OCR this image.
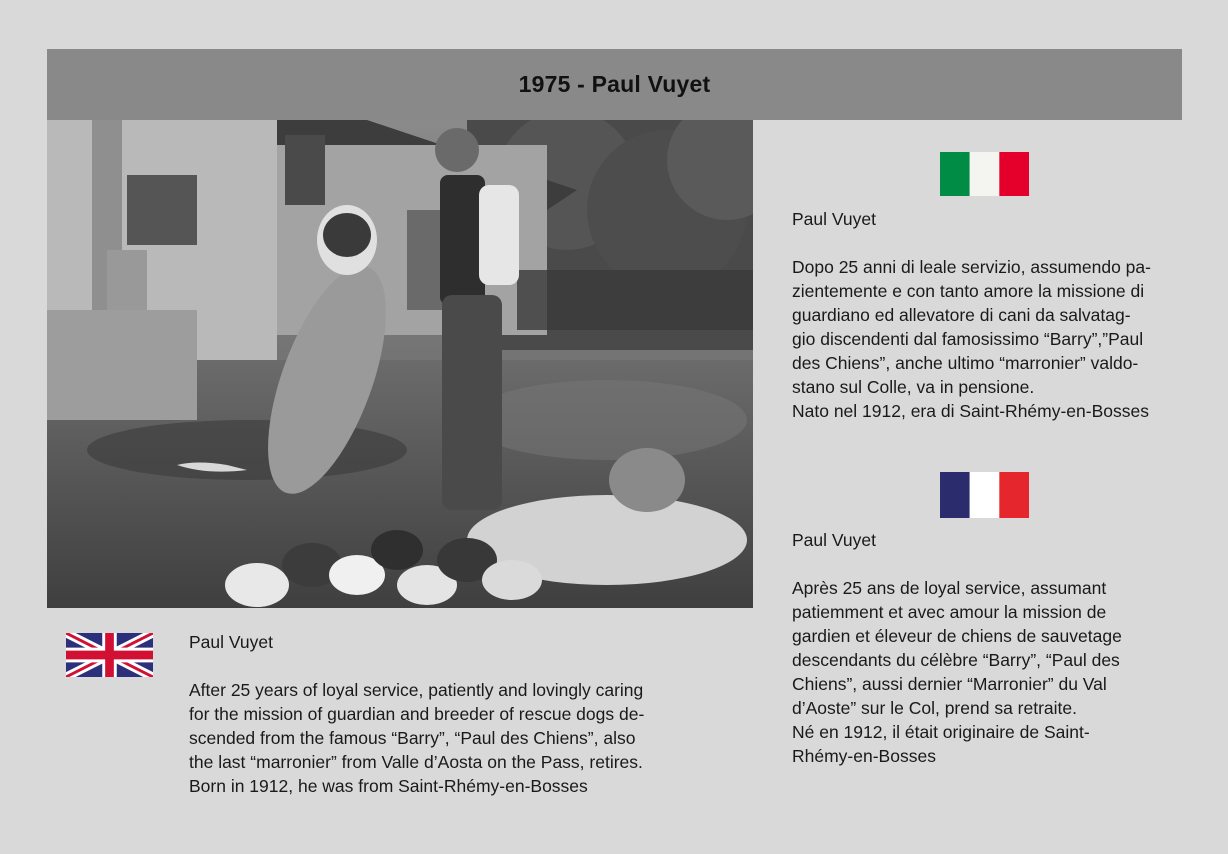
1975 - Paul Vuyet

Paul Vuyet

After 25 years of loyal service, patiently and lovingly caring
for the mission of guardian and breeder of rescue dogs de-
scended from the famous “Barry”, “Paul des Chiens”, also
the last “marronier” from Valle d’Aosta on the Pass, retires.
Born in 1912, he was from Saint-Rhémy-en-Bosses

Paul Vuyet

Dopo 25 anni di leale servizio, assumendo pa-
zientemente e con tanto amore la missione di
guardiano ed allevatore di cani da salvatag-
gio discendenti dal famosissimo “Barry”,”Paul
des Chiens”, anche ultimo “marronier” valdo-
stano sul Colle, va in pensione.
Nato nel 1912, era di Saint-Rhémy-en-Bosses

Paul Vuyet

Après 25 ans de loyal service, assumant
patiemment et avec amour la mission de
gardien et éleveur de chiens de sauvetage
descendants du célèbre “Barry”, “Paul des
Chiens”, aussi dernier “Marronier” du Val
d’Aoste” sur le Col, prend sa retraite.
Né en 1912, il était originaire de Saint-
Rhémy-en-Bosses
